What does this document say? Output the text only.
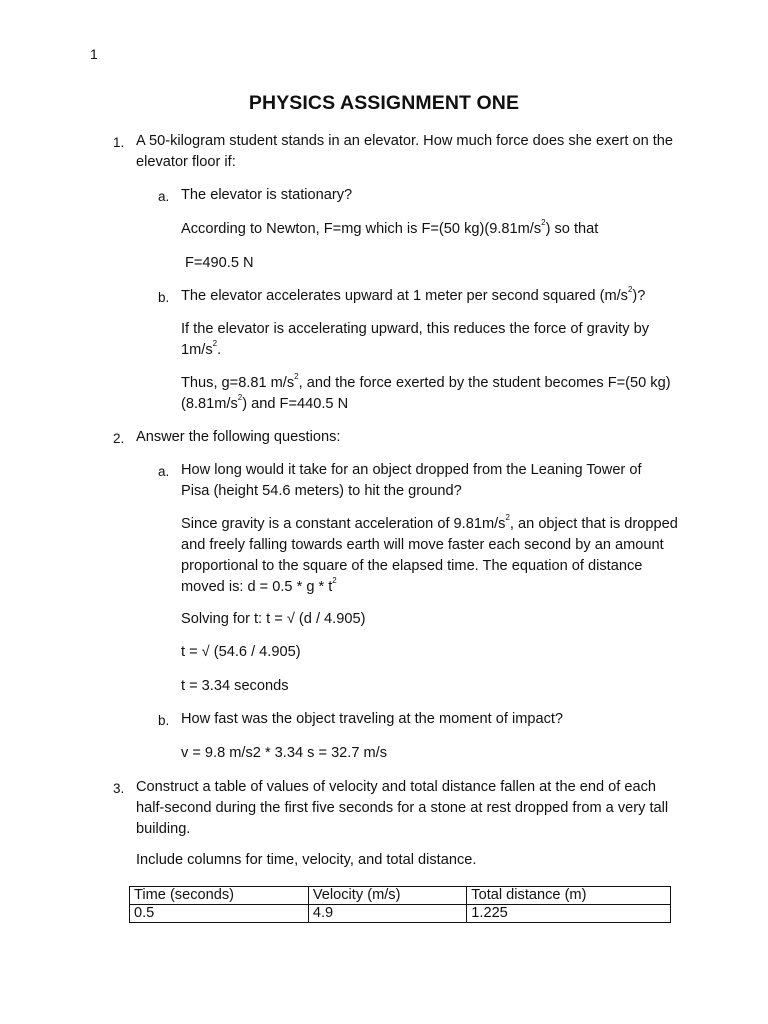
1
PHYSICS ASSIGNMENT ONE
1. A 50-kilogram student stands in an elevator. How much force does she exert on the elevator floor if:
a. The elevator is stationary?
According to Newton, F=mg which is F=(50 $kg)(9.81m/s^2)$ so that
F=490.5 N
b. The elevator accelerates upward at 1 meter per second squared $(m/s^2)$?
If the elevator is accelerating upward, this reduces the force of gravity by $1m/s^2$.
Thus, g=8.81 $m/s^2$, and the force exerted by the student becomes F=(50 $kg)(8.81m/s^2)$ and F=440.5 N
2. Answer the following questions:
a. How long would it take for an object dropped from the Leaning Tower of Pisa (height 54.6 meters) to hit the ground?
Since gravity is a constant acceleration of $9.81m/s^2$, an object that is dropped and freely falling towards earth will move faster each second by an amount proportional to the square of the elapsed time. The equation of distance moved is: $d = 0.5 * g * t^2$
Solving for t: t = √ (d / 4.905)
t = √ (54.6 / 4.905)
t = 3.34 seconds
b. How fast was the object traveling at the moment of impact?
v = 9.8 m/s2 * 3.34 s = 32.7 m/s
3. Construct a table of values of velocity and total distance fallen at the end of each half-second during the first five seconds for a stone at rest dropped from a very tall building.
Include columns for time, velocity, and total distance.
Time (seconds)	Velocity (m/s)	Total distance (m)
0.5	4.9	1.225
